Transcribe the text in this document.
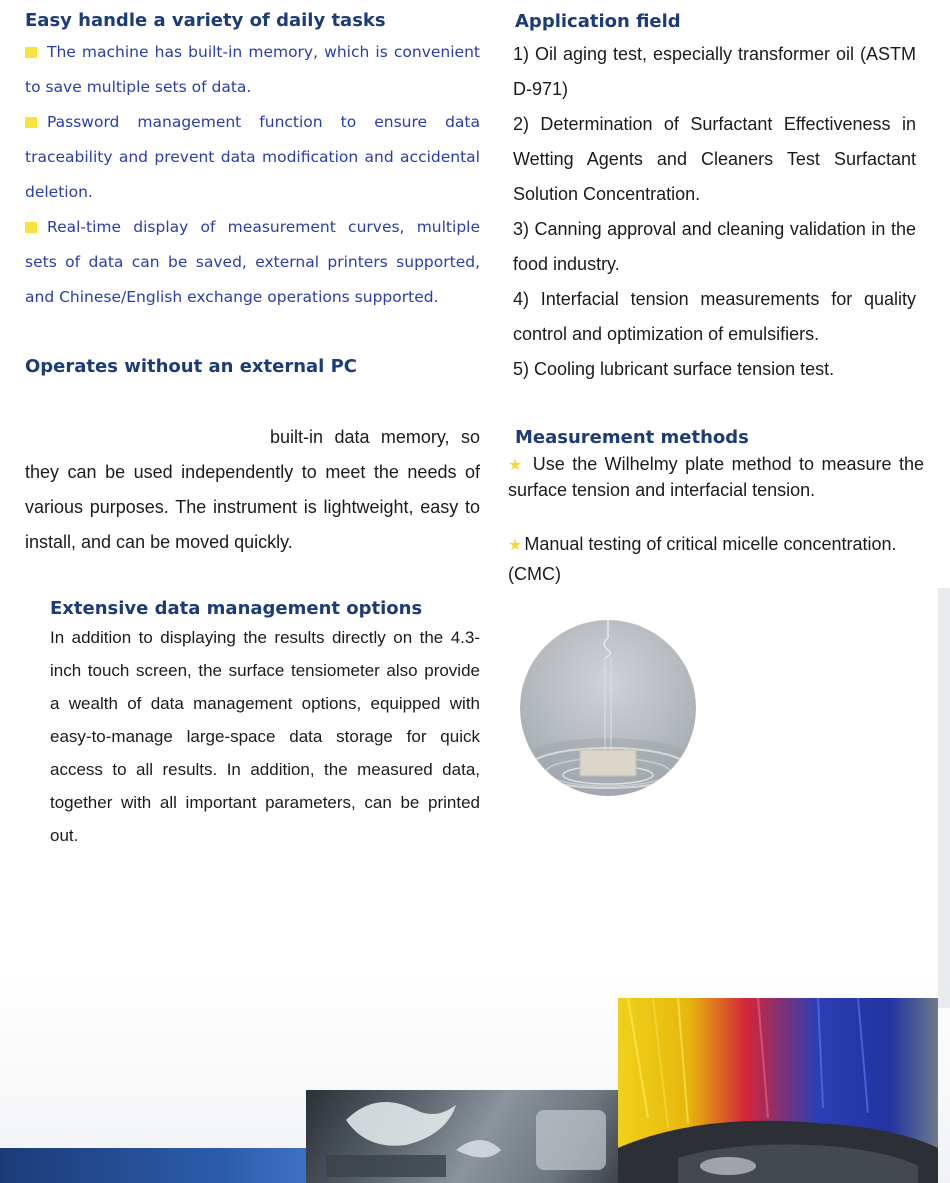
Easy handle a variety of daily tasks

The machine has built-in memory, which is convenient to save multiple sets of data.

Password management function to ensure data traceability and prevent data modification and accidental deletion.

Real-time display of measurement curves, multiple sets of data can be saved, external printers supported, and Chinese/English exchange operations supported.

Operates without an external PC
built-in data memory, so they can be used independently to meet the needs of various purposes. The instrument is lightweight, easy to install, and can be moved quickly.
Application field

1) Oil aging test, especially transformer oil (ASTM D-971)

2) Determination of Surfactant Effectiveness in Wetting Agents and Cleaners Test Surfactant Solution Concentration.

3) Canning approval and cleaning validation in the food industry.

4) Interfacial tension measurements for quality control and optimization of emulsifiers.

5) Cooling lubricant surface tension test.

Measurement methods
★ Use the Wilhelmy plate method to measure the surface tension and interfacial tension.
★ Manual testing of critical micelle concentration. (CMC)
Extensive data management options
In addition to displaying the results directly on the 4.3-inch touch screen, the surface tensiometer also provide a wealth of data management options, equipped with easy-to-manage large-space data storage for quick access to all results. In addition, the measured data, together with all important parameters, can be printed out.
